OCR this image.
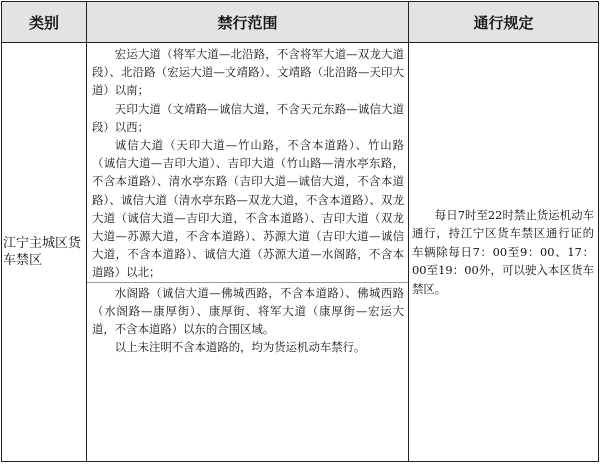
类别	禁行范围	通行规定
江宁主城区货车禁区	宏运大道（将军大道—北沿路，不含将军大道—双龙大道段）、北沿路（宏运大道—文靖路）、文靖路（北沿路—天印大道）以南；

天印大道（文靖路—诚信大道，不含天元东路—诚信大道段）以西；

诚信大道（天印大道—竹山路，不含本道路）、竹山路（诚信大道—吉印大道）、吉印大道（竹山路—清水亭东路，不含本道路）、清水亭东路（吉印大道—诚信大道，不含本道路）、诚信大道（清水亭东路—双龙大道，不含本道路）、双龙大道（诚信大道—吉印大道，不含本道路）、吉印大道（双龙大道—苏源大道，不含本道路）、苏源大道（吉印大道—诚信大道，不含本道路）、诚信大道（苏源大道—水阁路，不含本道路）以北；

水阁路（诚信大道—佛城西路，不含本道路）、佛城西路（水阁路—康厚街）、康厚街、将军大道（康厚街—宏运大道，不含本道路）以东的合围区域。

以上未注明不含本道路的，均为货运机动车禁行。	每日7时至22时禁止货运机动车通行，持江宁区货车禁区通行证的车辆除每日7：00至9：00、17：00至19：00外，可以驶入本区货车禁区。
